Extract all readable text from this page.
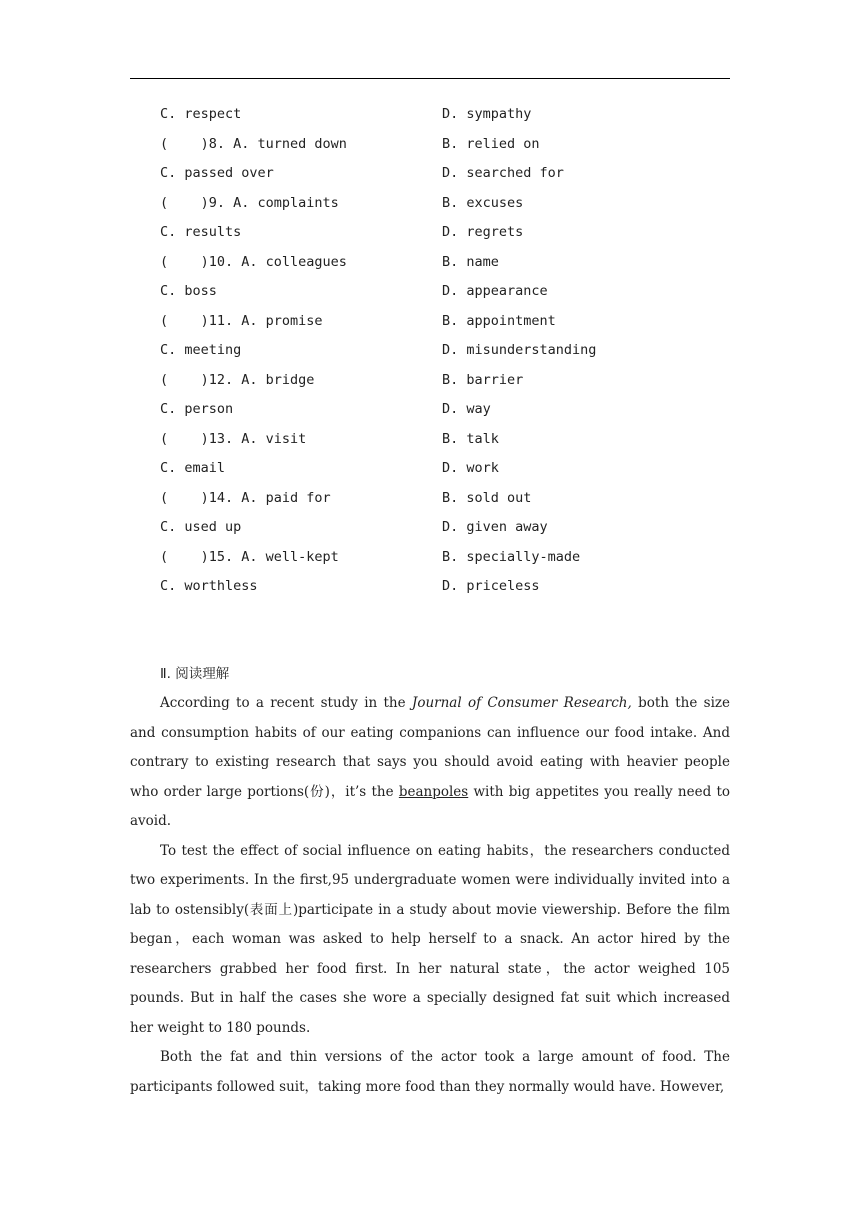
C. respect	D. sympathy
(    )8. A. turned down	B. relied on
C. passed over	D. searched for
(    )9. A. complaints	B. excuses
C. results	D. regrets
(    )10. A. colleagues	B. name
C. boss	D. appearance
(    )11. A. promise	B. appointment
C. meeting	D. misunderstanding
(    )12. A. bridge	B. barrier
C. person	D. way
(    )13. A. visit	B. talk
C. email	D. work
(    )14. A. paid for	B. sold out
C. used up	D. given away
(    )15. A. well-kept	B. specially-made
C. worthless	D. priceless
Ⅱ. 阅读理解

According to a recent study in the Journal of Consumer Research, both the size and consumption habits of our eating companions can influence our food intake. And contrary to existing research that says you should avoid eating with heavier people who order large portions(份)，it’s the beanpoles with big appetites you really need to avoid.

To test the effect of social influence on eating habits，the researchers conducted two experiments. In the first,95 undergraduate women were individually invited into a lab to ostensibly(表面上)participate in a study about movie viewership. Before the film began，each woman was asked to help herself to a snack. An actor hired by the researchers grabbed her food first. In her natural state，the actor weighed 105 pounds. But in half the cases she wore a specially designed fat suit which increased her weight to 180 pounds.

Both the fat and thin versions of the actor took a large amount of food. The participants followed suit，taking more food than they normally would have. However,
